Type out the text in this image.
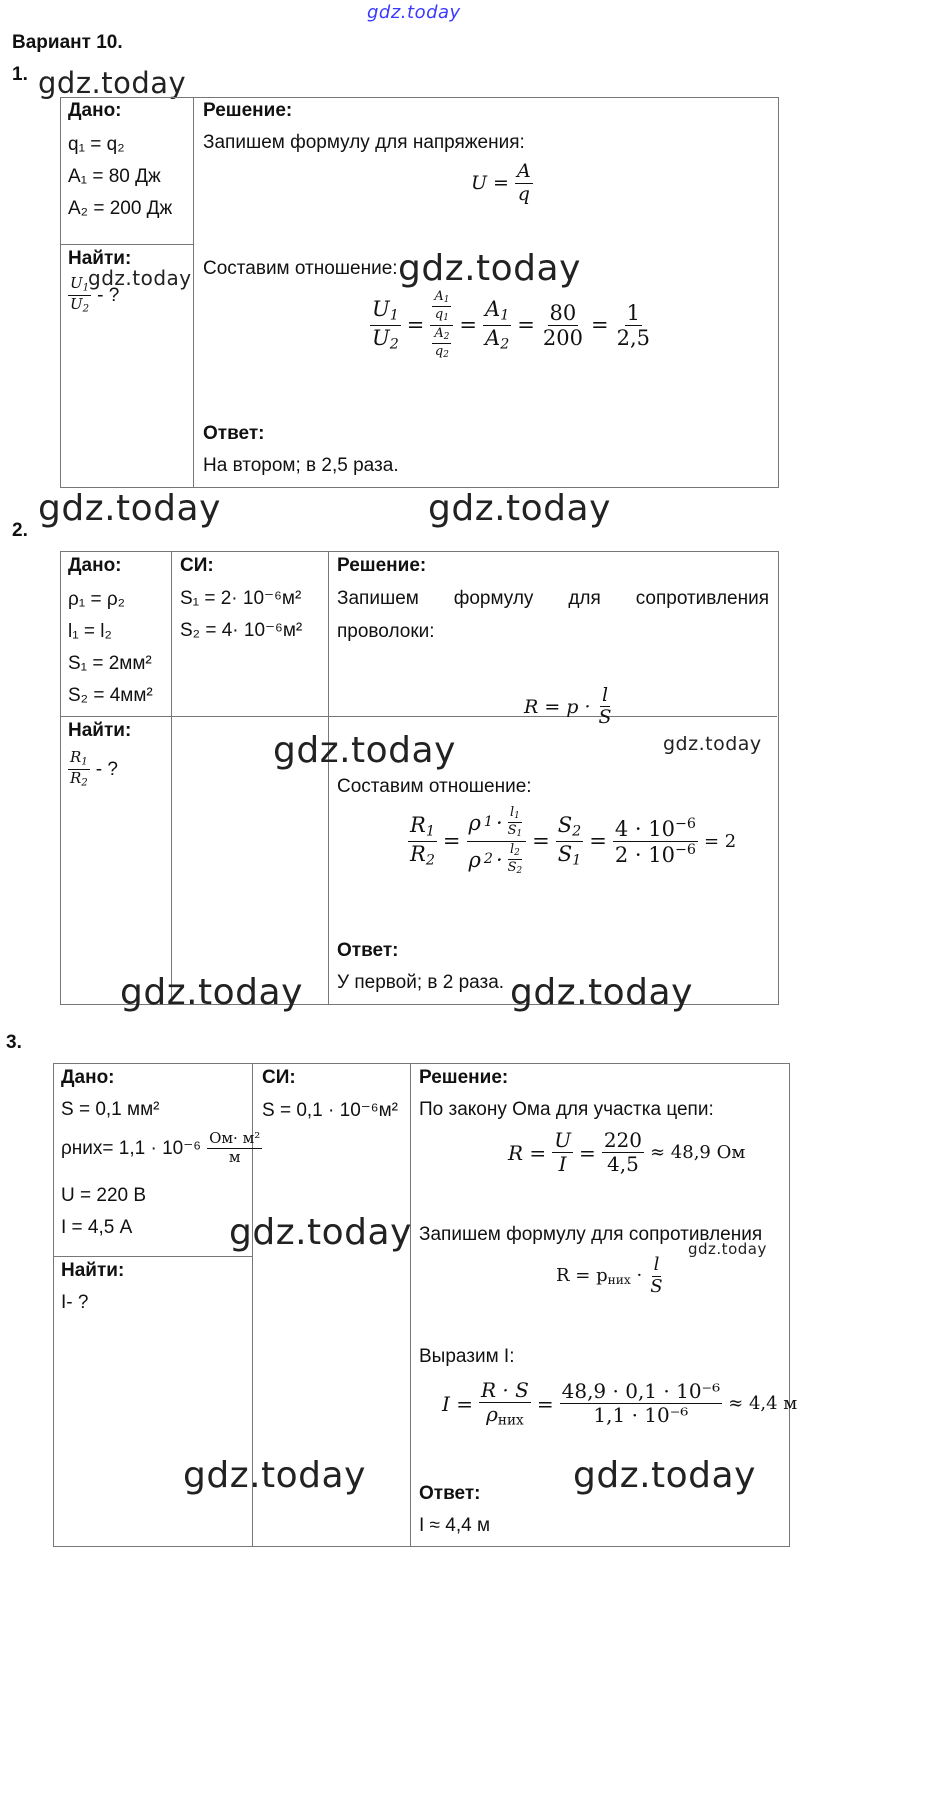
gdz.today
Вариант 10.
1. gdz.today
Дано:
q₁ = q₂
A₁ = 80 Дж
A₂ = 200 Дж
Найти:
$\frac{U_1}{U_2}$ - ?
gdz.today
Решение:
Запишем формулу для напряжения:
$U = \frac{A}{q}$
Составим отношение: gdz.today
$\frac{U_1}{U_2} = \frac{\frac{A_1}{q_1}}{\frac{A_2}{q_2}} = \frac{A_1}{A_2} = \frac{80}{200} = \frac{1}{2,5}$
Ответ:
На втором; в 2,5 раза.
gdz.today	gdz.today
2.
Дано:
ρ₁ = ρ₂
l₁ = l₂
S₁ = 2мм²
S₂ = 4мм²
СИ:
S₁ = 2· 10⁻⁶м²
S₂ = 4· 10⁻⁶м²
Найти:
$\frac{R_1}{R_2}$ - ?
Решение:
Запишем формулу для сопротивления
проволоки:
$R = p \cdot \frac{l}{S}$
gdz.today	gdz.today
Составим отношение:
$\frac{R_1}{R_2} = \frac{\rho 1 \cdot \frac{l_1}{S_1}}{\rho 2 \cdot \frac{l_2}{S_2}} = \frac{S_2}{S_1} = \frac{4 \cdot 10^{-6}}{2 \cdot 10^{-6}} = 2$
Ответ:
У первой; в 2 раза.
gdz.today	gdz.today
3.
Дано:
S = 0,1 мм²
$\rho ниx= 1,1 \cdot 10^{-6} \frac{\text{Ом· м²}}{м}$
U = 220 В
I = 4,5 А
Найти:
I- ?
СИ:
S = 0,1 · 10⁻⁶м²
Решение:
По закону Ома для участка цепи:
$R = \frac{U}{I} = \frac{220}{4,5} \approx 48,9$ Ом
gdz.today Запишем формулу для сопротивления
gdz.today
$R = p_{ниx} \cdot \frac{l}{S}$
Выразим I:
$I = \frac{R \cdot S}{\rho_{ниx}} = \frac{\text{48,9 · 0,1 · 10⁻⁶}}{\text{1,1 · 10⁻⁶}} \approx 4,4$ м
gdz.today	gdz.today
Ответ:
I ≈ 4,4 м
